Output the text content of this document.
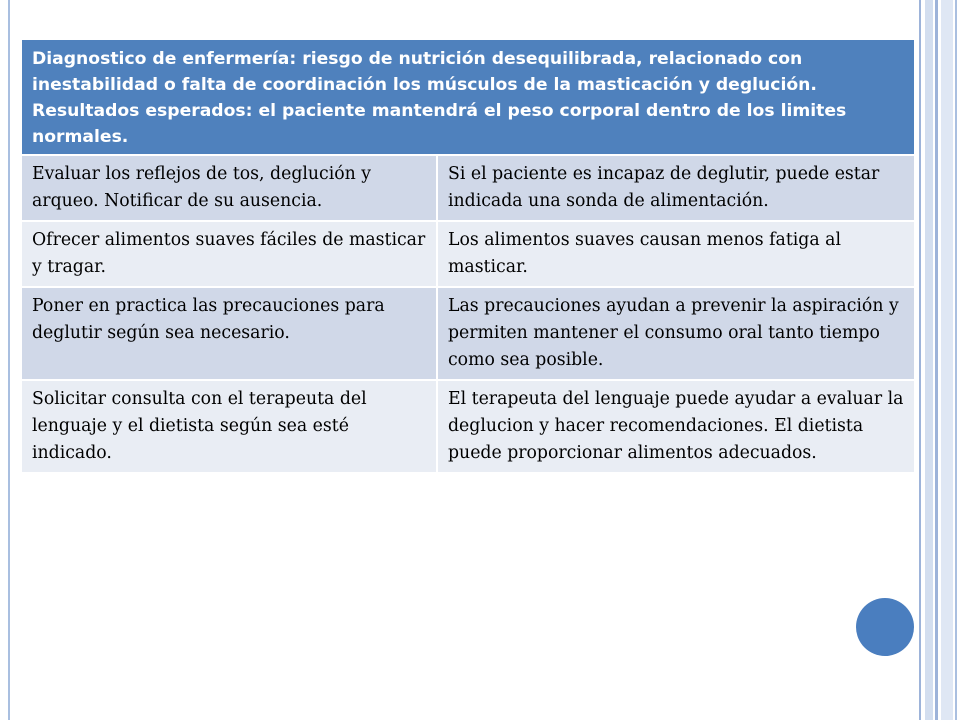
Diagnostico de enfermería: riesgo de nutrición desequilibrada, relacionado con inestabilidad o falta de coordinación los músculos de la masticación y deglución.

Resultados esperados: el paciente mantendrá el peso corporal dentro de los limites normales.	

Evaluar los reflejos de tos, deglución y arqueo. Notificar de su ausencia.	Si el paciente es incapaz de deglutir, puede estar indicada una sonda de alimentación.
Ofrecer alimentos suaves fáciles de masticar y tragar.	Los alimentos suaves causan menos fatiga al masticar.
Poner en practica las precauciones para deglutir según sea necesario.	Las precauciones ayudan a prevenir la aspiración y permiten mantener el consumo oral tanto tiempo como sea posible.
Solicitar consulta con el terapeuta del lenguaje y el dietista según sea esté indicado.	El terapeuta del lenguaje puede ayudar a evaluar la deglucion y hacer recomendaciones. El dietista puede proporcionar alimentos adecuados.
